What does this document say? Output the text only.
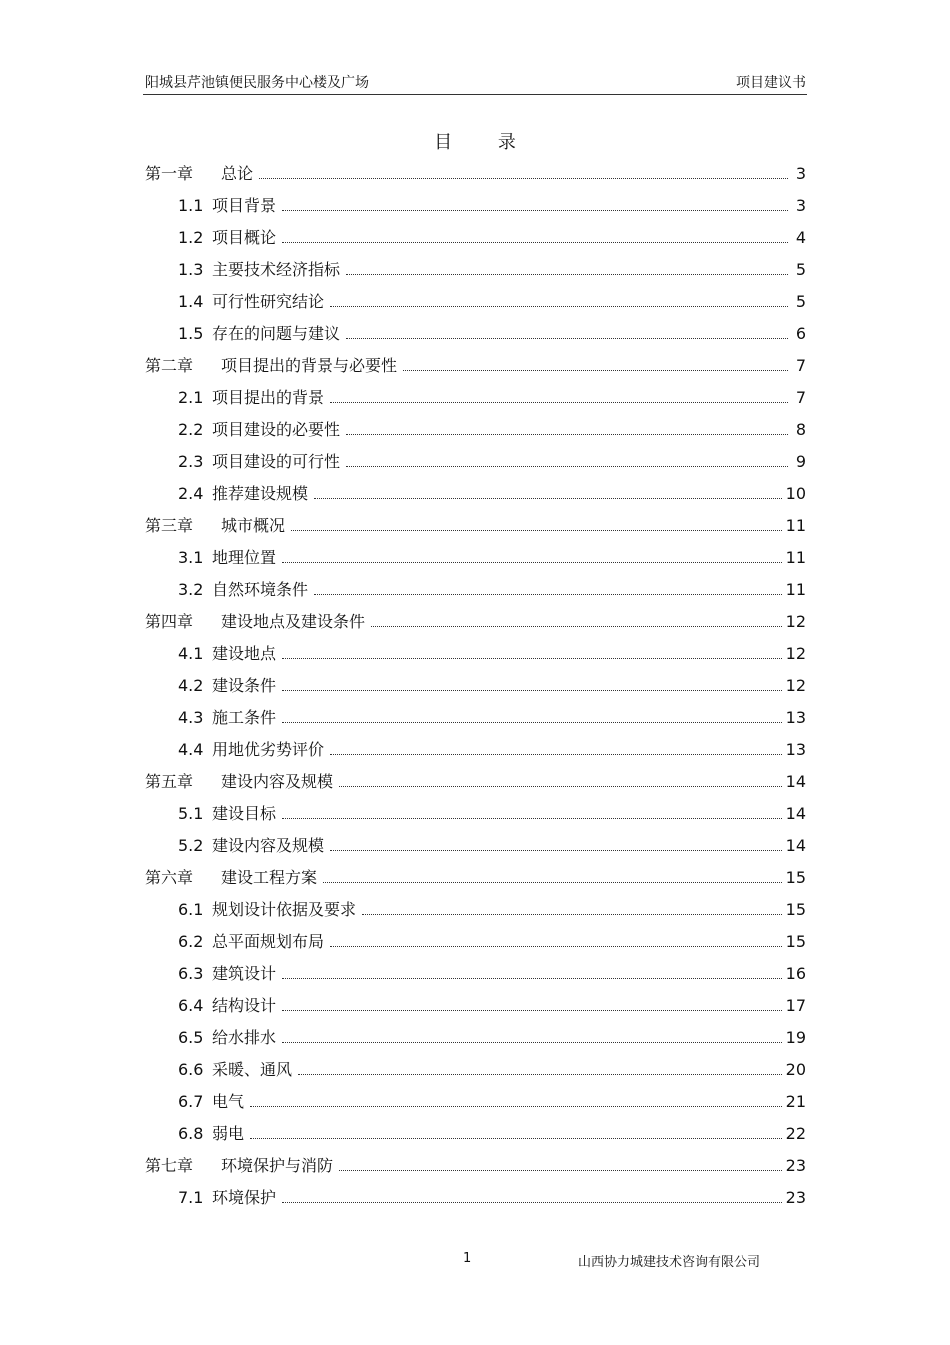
阳城县芹池镇便民服务中心楼及广场	项目建议书
目 录
第一章	总论	3
1.1 项目背景	3
1.2 项目概论	4
1.3 主要技术经济指标	5
1.4 可行性研究结论	5
1.5 存在的问题与建议	6
第二章	项目提出的背景与必要性	7
2.1 项目提出的背景	7
2.2 项目建设的必要性	8
2.3 项目建设的可行性	9
2.4 推荐建设规模	10
第三章	城市概况	11
3.1 地理位置	11
3.2 自然环境条件	11
第四章	建设地点及建设条件	12
4.1 建设地点	12
4.2 建设条件	12
4.3 施工条件	13
4.4 用地优劣势评价	13
第五章	建设内容及规模	14
5.1 建设目标	14
5.2 建设内容及规模	14
第六章	建设工程方案	15
6.1 规划设计依据及要求	15
6.2 总平面规划布局	15
6.3 建筑设计	16
6.4 结构设计	17
6.5 给水排水	19
6.6 采暖、通风	20
6.7 电气	21
6.8 弱电	22
第七章	环境保护与消防	23
7.1 环境保护	23
1	山西协力城建技术咨询有限公司
